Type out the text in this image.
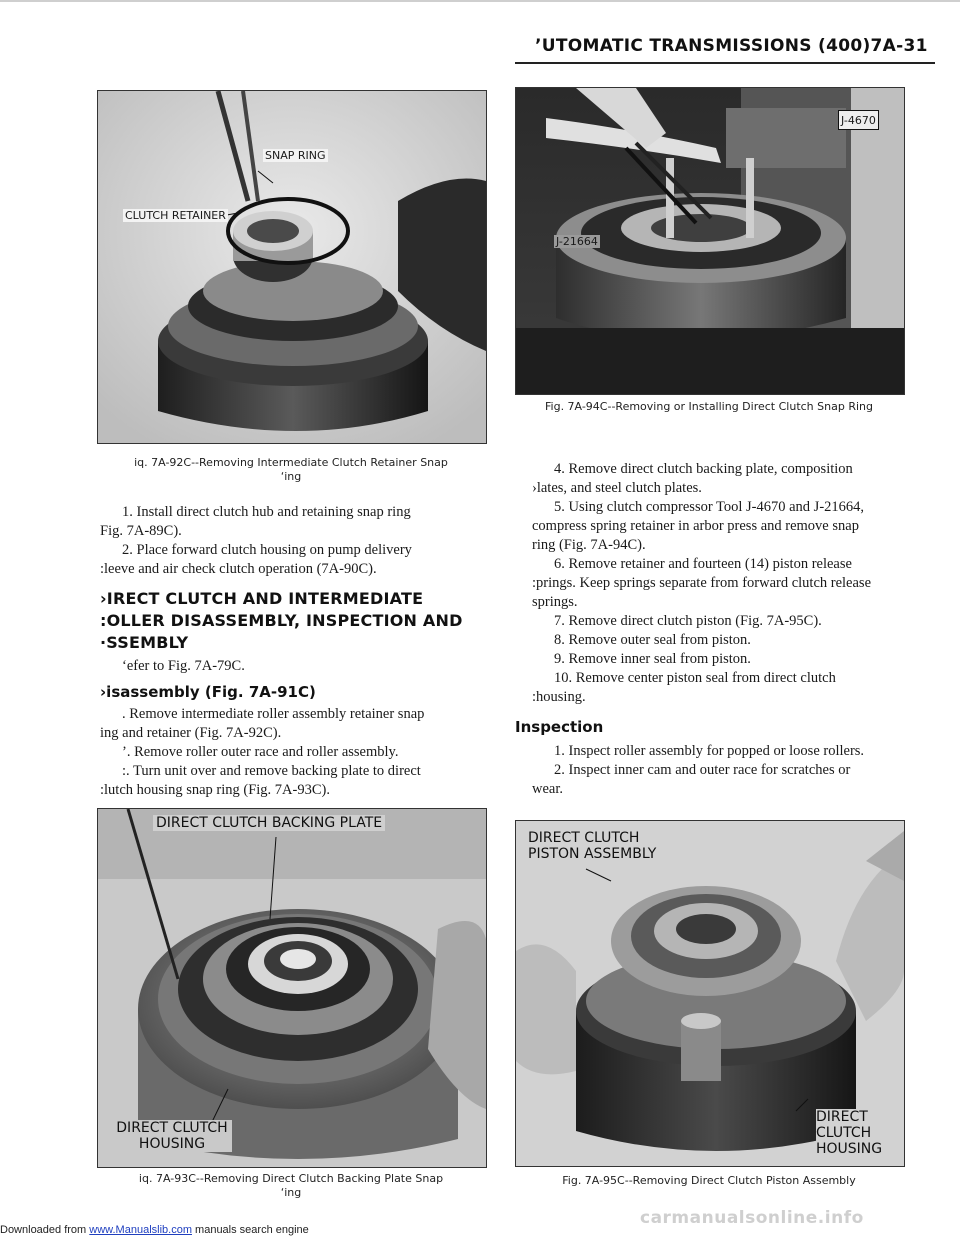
’UTOMATIC TRANSMISSIONS (400)7A-31
SNAP RING
CLUTCH RETAINER
iq. 7A-92C--Removing Intermediate Clutch Retainer Snap
‘ing

1. Install direct clutch hub and retaining snap ring

Fig. 7A-89C).

2. Place forward clutch housing on pump delivery

:leeve and air check clutch operation (7A-90C).

›IRECT CLUTCH AND INTERMEDIATE
:OLLER DISASSEMBLY, INSPECTION AND
·SSEMBLY
‘efer to Fig. 7A-79C.
›isassembly (Fig. 7A-91C)

. Remove intermediate roller assembly retainer snap

ing and retainer (Fig. 7A-92C).

’. Remove roller outer race and roller assembly.

:. Turn unit over and remove backing plate to direct

:lutch housing snap ring (Fig. 7A-93C).

DIRECT CLUTCH BACKING PLATE
DIRECT CLUTCH
HOUSING
iq. 7A-93C--Removing Direct Clutch Backing Plate Snap
‘ing
J-4670
J-21664
Fig. 7A-94C--Removing or Installing Direct Clutch Snap Ring

4. Remove direct clutch backing plate, composition

›lates, and steel clutch plates.

5. Using clutch compressor Tool J-4670 and J-21664,

compress spring retainer in arbor press and remove snap

ring (Fig. 7A-94C).

6. Remove retainer and fourteen (14) piston release

:prings. Keep springs separate from forward clutch release

springs.

7. Remove direct clutch piston (Fig. 7A-95C).

8. Remove outer seal from piston.

9. Remove inner seal from piston.

10. Remove center piston seal from direct clutch

:housing.

Inspection

1. Inspect roller assembly for popped or loose rollers.

2. Inspect inner cam and outer race for scratches or

wear.

DIRECT CLUTCH
PISTON ASSEMBLY
DIRECT
CLUTCH
HOUSING
Fig. 7A-95C--Removing Direct Clutch Piston Assembly
carmanualsonline.info
Downloaded from www.Manualslib.com manuals search engine
